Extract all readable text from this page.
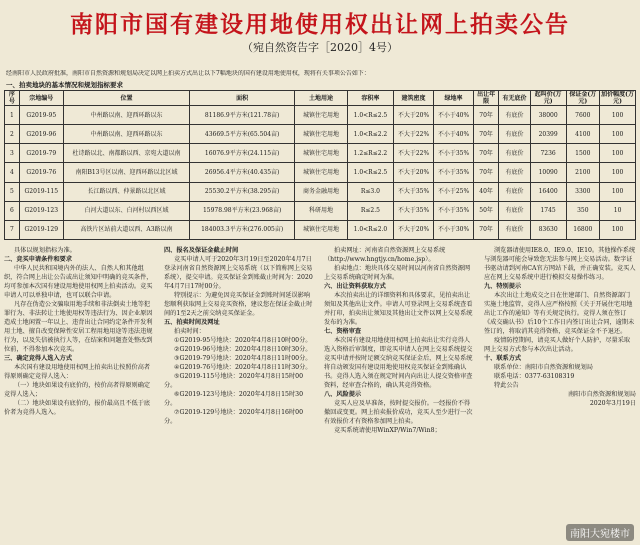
南阳市国有建设用地使用权出让网上拍卖公告
（宛自然资告字［2020］4号）
经南阳市人民政府批准，南阳市自然资源和规划局决定以网上拍卖方式出让以下7幅地块的国有建设用地使用权，现将有关事项公告如下：
一、拍卖地块的基本情况和规划指标要求
序号	宗地编号	位置	面积	土地用途	容积率	建筑密度	绿地率	出让年限	有无底价	起叫价(万元)	保证金(万元)	加价幅度(万元)
1	G2019-95	中州路以南、迎西环路以东	81186.9平方米(121.78亩)	城镇住宅用地	1.0<R≤2.5	不大于20%	不小于40%	70年	有底价	38000	7600	100
2	G2019-96	中州路以南、迎西环路以东	43669.5平方米(65.504亩)	城镇住宅用地	1.0<R≤2.2	不大于22%	不小于40%	70年	有底价	20399	4100	100
3	G2019-79	杜诗路以北、南都路以西、京宛大道以南	16076.9平方米(24.115亩)	城镇住宅用地	1.2≤R≤2.2	不大于22%	不小于35%	70年	有底价	7236	1500	100
4	G2019-76	南阳B13号区以南、迎西环路以北区域	26956.4平方米(40.435亩)	城镇住宅用地	1.0<R≤2.5	不大于20%	不小于35%	70年	有底价	10090	2100	100
5	G2019-115	长江路以西、仲景路以北区域	25530.2平方米(38.295亩)	商务金融用地	R≤3.0	不大于35%	不小于25%	40年	有底价	16400	3300	100
6	G2019-123	白河大道以东、白河村以西区域	15978.98平方米(23.968亩)	科研用地	R≤2.5	不大于35%	不小于35%	50年	有底价	1745	350	10
7	G2019-129	高铁片区站前大道以西、A3路以南	184003.3平方米(276.005亩)	城镇住宅用地	1.0<R≤2.0	不大于20%	不小于30%	70年	有底价	83630	16800	100

具体以规划指标为准。

二、竞买申请条件和要求

中华人民共和国境内外的法人、自然人和其他组织，符合网上出让公告或出让须知中明确的竞买条件，均可参加本次国有建设用地使用权网上拍卖活动。竞买申请人可以单独申请，也可以联合申请。

凡存在伪造公文骗取用地手续和非法倒卖土地等犯罪行为、非法转让土地使用权等违法行为、因企业原因造成土地闲置一年以上、违背出让合同约定条件开发利用土地、擅自改变保障性安居工程用地用途等违法违规行为，以及失信被执行人等，在结案和问题查处整改到位前，不得参加本次竞买。

三、确定竞得人选入方式

本次国有建设用地使用权网上拍卖出让按照价高者得原则确定竞得人选入：

（一）地块如果设有底价的，按价高者得原则确定竞得人选入；

（二）地块如果设有底价的，报价最高且不低于底价者为竞得人选入。

四、报名及保证金截止时间

竞买申请人可于2020年3月19日至2020年4月7日登录河南省自然资源网上交易系统（以下简称网上交易系统），提交申请。竞买保证金到账截止时间为：2020年4月7日17时00分。

特别提示：为避免因竞买保证金到账时间延误影响您顺利获取网上交易竞买资格，建议您在保证金截止时间的1至2天之前交纳竞买保证金。

五、拍卖时间及网址

拍卖时间：

①G2019-95号地块：2020年4月8日10时00分。

②G2019-96号地块：2020年4月8日10时30分。

③G2019-79号地块：2020年4月8日11时00分。

④G2019-76号地块：2020年4月8日11时30分。

⑤G2019-115号地块：2020年4月8日15时00分。

⑥G2019-123号地块：2020年4月8日15时30分。

⑦G2019-129号地块：2020年4月8日16时00分。

拍卖网址：河南省自然资源网上交易系统（http://www.hngtjy.cn/home.jsp）。

拍卖地点：地块具体交易时间以河南省自然资源网上交易系统确定时间为准。

六、出让资料获取方式

本次拍卖出让的详细资料和具体要求，见拍卖出让须知及其他出让文件。申请人可登录网上交易系统查看并打印，拍卖出让须知及其他出让文件以网上交易系统发布的为准。

七、资格审查

本次国有建设用地使用权网上拍卖出让实行竞得人选入资格后审制度，即竞买申请人在网上交易系统提交竞买申请并按时足额交纳竞买保证金后，网上交易系统将自动颁发国有建设用地使用权竞买保证金到账确认书。竞得人选入须在规定时间内向出让人提交资格审查资料，经审查合格的，确认其竞得资格。

八、风险提示

竞买人应及早准备，按时提交报价。一经报价不得撤回或变更。网上拍卖报价成功，竞买人至少进行一次有效报价才有资格参加网上拍卖。

竞买系统请使用WinXP/Win7/Win8；

浏览器请使用IE8.0、IE9.0、IE10。其他操作系统与浏览器可能会导致您无法参与网上交易活动。数字证书驱动请到河南CA官方网站下载，并正确安装。竞买人应在网上交易系统中进行模拟交易操作练习。

九、特别提示

本次出让土地成交之日在住建部门、自然资源部门实施土地监管，竞得人应严格按照《关于开展住宅用地出让工作的通知》等有关规定执行。竞得人须在签订《成交确认书》后10个工作日内签订出让合同，逾期未签订的，将取消其竞得资格，竞买保证金不予退还。

疫情防控期间，请竞买人做好个人防护，尽量采取网上交易方式参与本次出让活动。

十、联系方式

联系单位：南阳市自然资源和规划局

联系电话：0377-63108319

特此公告

南阳市自然资源和规划局

2020年3月19日

南阳大宛楼市
